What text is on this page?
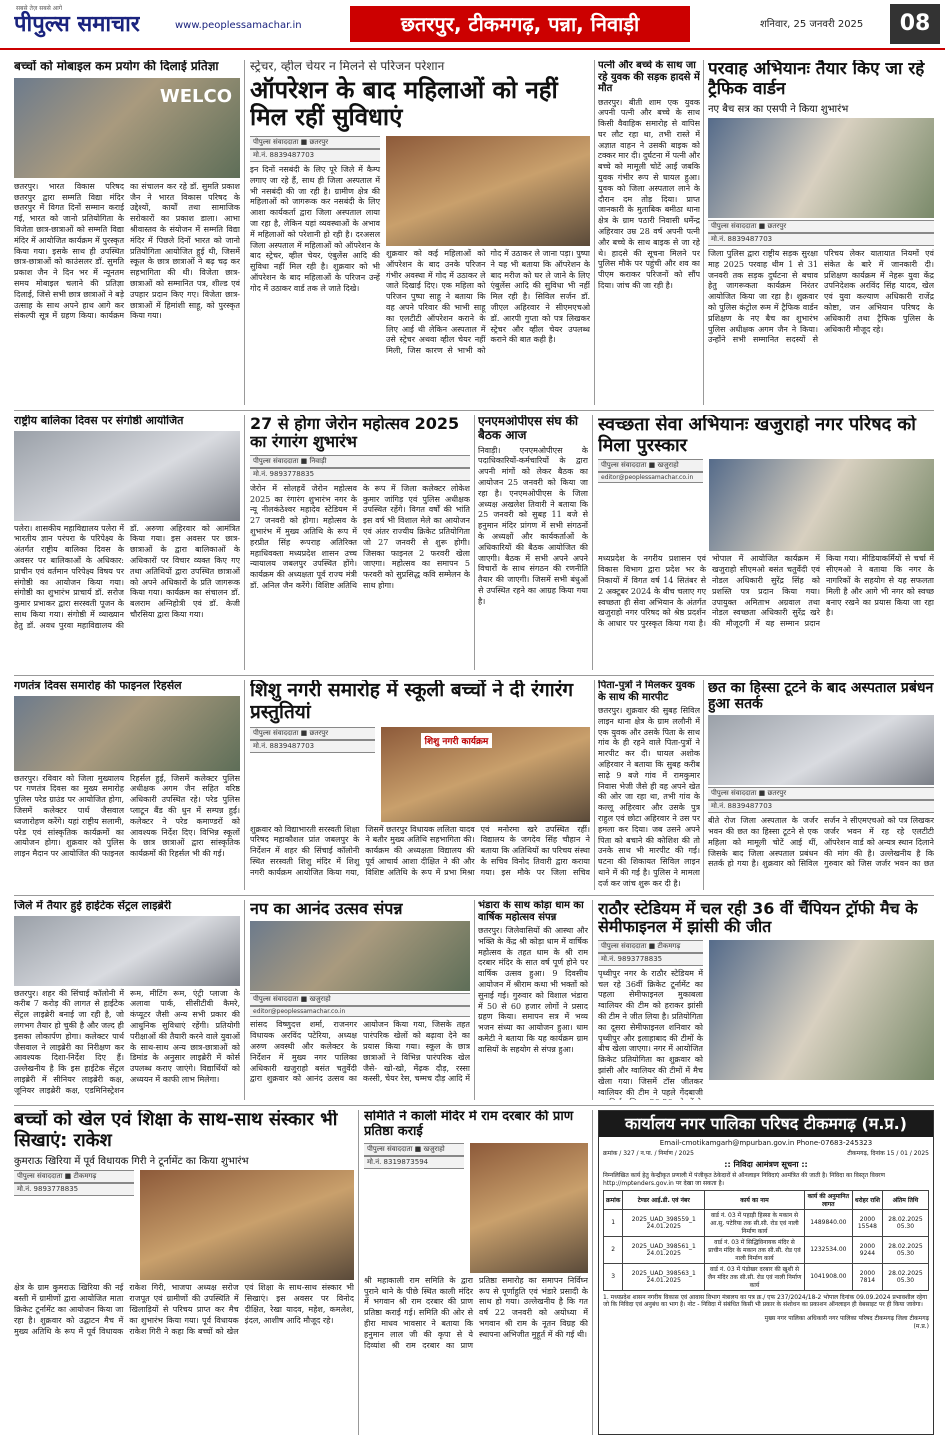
सबसे तेज़ सबसे आगे
पीपुल्स समाचार	www.peoplessamachar.in	छतरपुर, टीकमगढ़, पन्ना, निवाड़ी	शनिवार, 25 जनवरी 2025	08
बच्चों को मोबाइल कम प्रयोग की दिलाई प्रतिज्ञा
WELCO
छतरपुर। भारत विकास परिषद छतरपुर द्वारा सम्मति विद्या मंदिर छतरपुर में विगत दिनों सम्मान कराई गई, भारत को जानो प्रतियोगिता के विजेता छात्र-छात्राओं को सम्मति विद्या मंदिर में आयोजित कार्यक्रम में पुरस्कृत किया गया। इसके साथ ही उपस्थित छात्र-छात्राओं को काउंसलर डॉ. सुमति प्रकाश जैन ने दिन भर में न्यूनतम समय मोबाइल चलाने की प्रतिज्ञा दिलाई, जिसे सभी छात्र छात्राओं ने बड़े उत्साह के साथ अपने हाथ आगे कर संकल्पी सूत्र में ग्रहण किया। कार्यक्रम का संचालन कर रहे डॉ. सुमति प्रकाश जैन ने भारत विकास परिषद के उद्देश्यों, कार्यों तथा सामाजिक सरोकारों का प्रकाश डाला। आभा श्रीवास्तव के संयोजन में सम्मति विद्या मंदिर में पिछले दिनों भारत को जानो प्रतियोगिता आयोजित हुई थी, जिसमें स्कूल के छात्र छात्राओं ने बढ़ चढ़ कर सहभागिता की थी। विजेता छात्र-छात्राओं को सम्मानित पत्र, शील्ड एवं उपहार प्रदान किए गए। विजेता छात्र-छात्राओं में हिमांशी साहू, को पुरस्कृत किया गया।
स्ट्रेचर, व्हील चेयर न मिलने से परिजन परेशान
ऑपरेशन के बाद महिलाओं को नहीं मिल रहीं सुविधाएं
पीपुल्स संवाददाता ■ छतरपुर
मो.नं. 8839487703
इन दिनों नसबंदी के लिए पूरे जिले में कैम्प लगाए जा रहे हैं, साथ ही जिला अस्पताल में भी नसबंदी की जा रही है। ग्रामीण क्षेत्र की महिलाओं को जागरूक कर नसबंदी के लिए आशा कार्यकर्ता द्वारा जिला अस्पताल लाया जा रहा है, लेकिन यहां व्यवस्थाओं के अभाव में महिलाओं को परेशानी हो रही है। दरअसल जिला अस्पताल में महिलाओं को ऑपरेशन के बाद स्ट्रेचर, व्हील चेयर, एंबुलेंस आदि की सुविधा नहीं मिल रही है। शुक्रवार को भी ऑपरेशन के बाद महिलाओं के परिजन उन्हें गोद में उठाकर वार्ड तक ले जाते दिखे।
शुक्रवार को कई महिलाओं को ऑपरेशन के बाद उनके परिजन गंभीर अवस्था में गोद में उठाकर ले जाते दिखाई दिए। एक महिला को परिजन पुष्पा साहू ने बताया कि वह अपने परिवार की भाभी साहू का एलटीटी ऑपरेशन कराने के लिए आई थी लेकिन अस्पताल में उसे स्ट्रेचर अथवा व्हील चेयर नहीं मिली, जिस कारण से भाभी को गोद में उठाकर ले जाना पड़ा। पुष्पा ने यह भी बताया कि ऑपरेशन के बाद मरीज को घर ले जाने के लिए एंबुलेंस आदि की सुविधा भी नहीं मिल रही है। सिविल सर्जन डॉ. जीएल अहिरवार ने सीएमएचओ डॉ. आरपी गुप्ता को पत्र लिखकर स्ट्रेचर और व्हील चेयर उपलब्ध कराने की बात कही है।
पत्नी और बच्चे के साथ जा रहे युवक की सड़क हादसे में मौत
छतरपुर। बीती शाम एक युवक अपनी पत्नी और बच्चे के साथ किसी वैवाहिक समारोह से वापिस घर लौट रहा था, तभी रास्ते में अज्ञात वाहन ने उसकी बाइक को टक्कर मार दी। दुर्घटना में पत्नी और बच्चे को मामूली चोटें आईं जबकि युवक गंभीर रूप से घायल हुआ। युवक को जिला अस्पताल लाने के दौरान दम तोड़ दिया। प्राप्त जानकारी के मुताबिक बमीठा थाना क्षेत्र के ग्राम पठारी निवासी धर्मेन्द्र अहिरवार उम्र 28 वर्ष अपनी पत्नी और बच्चे के साथ बाइक से जा रहे थे। हादसे की सूचना मिलने पर पुलिस मौके पर पहुंची और शव का पीएम कराकर परिजनों को सौंप दिया। जांच की जा रही है।
परवाह अभियानः तैयार किए जा रहे ट्रैफिक वार्डन
नए बैच सत्र का एसपी ने किया शुभारंभ
पीपुल्स संवाददाता ■ छतरपुर
मो.नं. 8839487703
जिला पुलिस द्वारा राष्ट्रीय सड़क सुरक्षा माह 2025 परवाह थीम 1 से 31 जनवरी तक सड़क दुर्घटना से बचाव हेतु जागरूकता कार्यक्रम निरंतर आयोजित किया जा रहा है। शुक्रवार को पुलिस कंट्रोल रूम में ट्रैफिक वार्डन प्रशिक्षण के नए बैच का शुभारंभ पुलिस अधीक्षक अगम जैन ने किया। उन्होंने सभी सम्मानित सदस्यों से परिचय लेकर यातायात नियमों एवं संकेत के बारे में जानकारी दी। प्रशिक्षण कार्यक्रम में नेहरू युवा केंद्र उपनिदेशक अरविंद सिंह यादव, खेल एवं युवा कल्याण अधिकारी राजेंद्र कोष्टा, जन अभियान परिषद के अधिकारी तथा ट्रैफिक पुलिस के अधिकारी मौजूद रहे।
राष्ट्रीय बालिका दिवस पर संगोष्ठी आयोजित
पलेरा। शासकीय महाविद्यालय पलेरा में भारतीय ज्ञान परंपरा के परिपेक्ष्य के अंतर्गत राष्ट्रीय बालिका दिवस के अवसर पर बालिकाओं के अधिकार: प्राचीन एवं वर्तमान परिपेक्ष्य विषय पर संगोष्ठी का आयोजन किया गया। संगोष्ठी का शुभारंभ प्राचार्य डॉ. सरोज कुमार प्रभाकर द्वारा सरस्वती पूजन के साथ किया गया। संगोष्ठी में व्याख्यान हेतु डॉ. अवध पुरवा महाविद्यालय की डॉ. अरुणा अहिरवार को आमंत्रित किया गया। इस अवसर पर छात्र-छात्राओं के द्वारा बालिकाओं के अधिकारों पर विचार व्यक्त किए गए तथा अतिथियों द्वारा उपस्थित छात्राओं को अपने अधिकारों के प्रति जागरूक किया गया। कार्यक्रम का संचालन डॉ. बलराम अग्निहोत्री एवं डॉ. केजी चौरसिया द्वारा किया गया।
27 से होगा जेरोन महोत्सव 2025 का रंगारंग शुभारंभ
पीपुल्स संवाददाता ■ निवाड़ी
मो.नं. 9893778835
जेरोन में सोलहवें जेरोन महोत्सव 2025 का रंगारंग शुभारंभ नगर के न्यू नीलकंठेश्वर महादेव स्टेडियम में 27 जनवरी को होगा। महोत्सव के शुभारंभ में मुख्य अतिथि के रूप में हरप्रीत सिंह रूपराह अतिरिक्त महाधिवक्ता मध्यप्रदेश शासन उच्च न्यायालय जबलपुर उपस्थित होंगे। कार्यक्रम की अध्यक्षता पूर्व राज्य मंत्री डॉ. अनिल जैन करेंगे। विशिष्ट अतिथि के रूप में जिला कलेक्टर लोकेश कुमार जांगिड़ एवं पुलिस अधीक्षक उपस्थित रहेंगे। विगत वर्षों की भांति इस वर्ष भी विशाल मेले का आयोजन एवं अंतर राज्यीय क्रिकेट प्रतियोगिता जो 27 जनवरी से शुरू होगी। जिसका फाइनल 2 फरवरी खेला जाएगा। महोत्सव का समापन 5 फरवरी को सुप्रसिद्ध कवि सम्मेलन के साथ होगा।
एनएमओपीएस संघ की बैठक आज
निवाड़ी। एनएमओपीएस के पदाधिकारियों-कर्मचारियों के द्वारा अपनी मांगों को लेकर बैठक का आयोजन 25 जनवरी को किया जा रहा है। एनएमओपीएस के जिला अध्यक्ष अखलेश तिवारी ने बताया कि 25 जनवरी को सुबह 11 बजे से हनुमान मंदिर प्रांगण में सभी संगठनों के अध्यक्षों और कार्यकर्ताओं के अधिकारियों की बैठक आयोजित की जाएगी। बैठक में सभी अपने अपने विचारों के साथ संगठन की रणनीति तैयार की जाएगी। जिसमें सभी बंधुओं से उपस्थित रहने का आग्रह किया गया है।
स्वच्छता सेवा अभियानः खजुराहो नगर परिषद को मिला पुरस्कार
पीपुल्स संवाददाता ■ खजुराहो
editor@peoplessamachar.co.in
मध्यप्रदेश के नगरीय प्रशासन एवं विकास विभाग द्वारा प्रदेश भर के निकायों में विगत वर्ष 14 सितंबर से 2 अक्टूबर 2024 के बीच चलाए गए स्वच्छता ही सेवा अभियान के अंतर्गत खजुराहो नगर परिषद को श्रेष्ठ प्रदर्शन के आधार पर पुरस्कृत किया गया है। भोपाल में आयोजित कार्यक्रम में खजुराहो सीएमओ बसंत चतुर्वेदी एवं नोडल अधिकारी सुरेंद्र सिंह को प्रशस्ति पत्र प्रदान किया गया। उपायुक्त अमिताभ अग्रवाल तथा नोडल स्वच्छता अधिकारी सुरेंद्र खरे की मौजूदगी में यह सम्मान प्रदान किया गया। मीडियाकर्मियों से चर्चा में सीएमओ ने बताया कि नगर के नागरिकों के सहयोग से यह सफलता मिली है और आगे भी नगर को स्वच्छ बनाए रखने का प्रयास किया जा रहा है।
गणतंत्र दिवस समारोह की फाइनल रिहर्सल
छतरपुर। रविवार को जिला मुख्यालय पर गणतंत्र दिवस का मुख्य समारोह पुलिस परेड ग्राउंड पर आयोजित होगा, जिसमें कलेक्टर पार्थ जैसवाल ध्वजारोहण करेंगे। यहां राष्ट्रीय सलामी, परेड एवं सांस्कृतिक कार्यक्रमों का आयोजन होगा। शुक्रवार को पुलिस लाइन मैदान पर आयोजित की फाइनल रिहर्सल हुई, जिसमें कलेक्टर पुलिस अधीक्षक अगम जैन सहित वरिष्ठ अधिकारी उपस्थित रहे। परेड पुलिस प्लाटून बैंड की धुन में सम्पन्न हुई। कलेक्टर ने परेड कमाण्डरों को आवश्यक निर्देश दिए। विभिन्न स्कूलों के छात्र छात्राओं द्वारा सांस्कृतिक कार्यक्रमों की रिहर्सल भी की गई।
शिशु नगरी समारोह में स्कूली बच्चों ने दी रंगारंग प्रस्तुतियां
पीपुल्स संवाददाता ■ छतरपुर
मो.नं. 8839487703	शिशु नगरी कार्यक्रम
शुक्रवार को विद्याभारती सरस्वती शिक्षा परिषद महाकौशल प्रांत जबलपुर के निर्देशन में शहर की सिंचाई कॉलोनी स्थित सरस्वती शिशु मंदिर में शिशु नगरी कार्यक्रम आयोजित किया गया, जिसमें छतरपुर विधायक ललिता यादव ने बतौर मुख्य अतिथि सहभागिता की। कार्यक्रम की अध्यक्षता विद्यालय की पूर्व आचार्य आशा दीक्षित ने की और विशिष्ट अतिथि के रूप में प्रभा मिश्रा एवं मनोरमा खरे उपस्थित रहीं। विद्यालय के जगदेव सिंह चौहान ने बताया कि अतिथियों का परिचय संस्था के सचिव विनोद तिवारी द्वारा कराया गया। इस मौके पर जिला सचिव
पिता-पुत्रों ने मिलकर युवक के साथ की मारपीट
छतरपुर। शुक्रवार की सुबह सिविल लाइन थाना क्षेत्र के ग्राम ललौनी में एक युवक और उसके पिता के साथ गांव के ही रहने वाले पिता-पुत्रों ने मारपीट कर दी। घायल अशोक अहिरवार ने बताया कि सुबह करीब साढ़े 9 बजे गांव में रामकुमार निवास भेजी जैसे ही वह अपने खेत की ओर जा रहा था, तभी गांव के कल्लू अहिरवार और उसके पुत्र राहुल एवं छोटा अहिरवार ने उस पर हमला कर दिया। जब उसने अपने पिता को बचाने की कोशिश की तो उनके साथ भी मारपीट की गई। घटना की शिकायत सिविल लाइन थाने में की गई है। पुलिस ने मामला दर्ज कर जांच शुरू कर दी है।
छत का हिस्सा टूटने के बाद अस्पताल प्रबंधन हुआ सतर्क
पीपुल्स संवाददाता ■ छतरपुर
मो.नं. 8839487703
बीते रोज जिला अस्पताल के जर्जर भवन की छत का हिस्सा टूटने से एक महिला को मामूली चोटें आई थीं, जिसके बाद जिला अस्पताल प्रबंधन सतर्क हो गया है। शुक्रवार को सिविल सर्जन ने सीएमएचओ को पत्र लिखकर जर्जर भवन में रह रहे एलटीटी ऑपरेशन वार्ड को अन्यत्र स्थान दिलाने की मांग की है। उल्लेखनीय है कि गुरुवार को जिस जर्जर भवन का छत
जिले में तैयार हुई हाईटेक सेंट्रल लाइब्रेरी
छतरपुर। शहर की सिंचाई कॉलोनी में करीब 7 करोड़ की लागत से हाईटेक सेंट्रल लाइब्रेरी बनाई जा रही है, जो लगभग तैयार हो चुकी है और जल्द ही इसका लोकार्पण होगा। कलेक्टर पार्थ जैसवाल ने लाइब्रेरी का निरीक्षण कर आवश्यक दिशा-निर्देश दिए हैं। उल्लेखनीय है कि इस हाईटेक सेंट्रल लाइब्रेरी में सीनियर लाइब्रेरी कक्ष, जूनियर लाइब्रेरी कक्ष, एडमिनिस्ट्रेशन रूम, मीटिंग रूम, एंट्री प्लाजा के अलावा पार्क, सीसीटीवी कैमरे, कंप्यूटर जैसी अन्य सभी प्रकार की आधुनिक सुविधाएं रहेंगी। प्रतियोगी परीक्षाओं की तैयारी करने वाले युवाओं के साथ-साथ अन्य छात्र-छात्राओं को डिमांड के अनुसार लाइब्रेरी में कोर्स उपलब्ध कराए जाएंगे। विद्यार्थियों को अध्ययन में काफी लाभ मिलेगा।
नप का आनंद उत्सव संपन्न
पीपुल्स संवाददाता ■ खजुराहो
editor@peoplessamachar.co.in
सांसद विष्णुदत्त शर्मा, राजनगर विधायक अरविंद पटेरिया, अध्यक्ष अरुण अवस्थी और कलेक्टर के निर्देशन में मुख्य नगर पालिका अधिकारी खजुराहो बसंत चतुर्वेदी द्वारा शुक्रवार को आनंद उत्सव का आयोजन किया गया, जिसके तहत पारंपरिक खेलों को बढ़ावा देने का प्रयास किया गया। स्कूल के छात्र छात्राओं ने विभिन्न पारंपरिक खेल जैसे- खो-खो, मेंढ़क दौड़, रस्सा कस्सी, चेयर रेस, चम्मच दौड़ आदि में
भंडारा के साथ कोड़ा धाम का वार्षिक महोत्सव संपन्न
छतरपुर। जिलेवासियों की आस्था और भक्ति के केंद्र श्री कोड़ा धाम में वार्षिक महोत्सव के तहत धाम के श्री राम दरबार मंदिर के सात वर्ष पूर्ण होने पर वार्षिक उत्सव हुआ। 9 दिवसीय आयोजन में श्रीराम कथा भी भक्तों को सुनाई गई। गुरुवार को विशाल भंडारा में 50 से 60 हजार लोगों ने प्रसाद ग्रहण किया। समापन सत्र में भव्य भजन संध्या का आयोजन हुआ। धाम कमेटी ने बताया कि यह कार्यक्रम ग्राम वासियों के सहयोग से संपन्न हुआ।
राठौर स्टेडियम में चल रही 36 वीं चैंपियन ट्रॉफी मैच के सेमीफाइनल में झांसी की जीत
पीपुल्स संवाददाता ■ टीकमगढ़
मो.नं. 9893778835
पृथ्वीपुर नगर के राठौर स्टेडियम में चल रहे 36वीं क्रिकेट टूर्नामेंट का पहला सेमीफाइनल मुकाबला ग्वालियर की टीम को हराकर झांसी की टीम ने जीत लिया है। प्रतियोगिता का दूसरा सेमीफाइनल शनिवार को पृथ्वीपुर और इलाहाबाद की टीमों के बीच खेला जाएगा। नगर में आयोजित क्रिकेट प्रतियोगिता का शुक्रवार को झांसी और ग्वालियर की टीमों में मैच खेला गया। जिसमें टॉस जीतकर ग्वालियर की टीम ने पहले गेंदबाजी
बच्चों को खेल एवं शिक्षा के साथ-साथ संस्कार भी सिखाएं: राकेश
कुमराऊ खिरिया में पूर्व विधायक गिरी ने टूर्नामेंट का किया शुभारंभ
पीपुल्स संवाददाता ■ टीकमगढ़
मो.नं. 9893778835
क्षेत्र के ग्राम कुमराऊ खिरिया की नई बस्ती में ग्रामीणों द्वारा आयोजित माता क्रिकेट टूर्नामेंट का आयोजन किया जा रहा है। शुक्रवार को उद्घाटन मैच में मुख्य अतिथि के रूप में पूर्व विधायक राकेश गिरी, भाजपा अध्यक्ष सरोज राजपूत एवं ग्रामीणों की उपस्थिति में खिलाड़ियों से परिचय प्राप्त कर मैच का शुभारंभ किया गया। पूर्व विधायक राकेश गिरी ने कहा कि बच्चों को खेल एवं शिक्षा के साथ-साथ संस्कार भी सिखाएं। इस अवसर पर विनोद दीक्षित, रेखा यादव, महेश, कमलेश, इंदल, आशीष आदि मौजूद रहे।
समिति ने काली मंदिर में राम दरबार की प्राण प्रतिष्ठा कराई
पीपुल्स संवाददाता ■ खजुराहो
मो.नं. 8319873594
श्री महाकाली राम समिति के द्वारा पुराने थाने के पीछे स्थित काली मंदिर में भगवान श्री राम दरबार की प्राण प्रतिष्ठा कराई गई। समिति की ओर से हीरा माधव भावसार ने बताया कि हनुमान लाल जी की कृपा से ये दिव्यांश श्री राम दरबार का प्राण प्रतिष्ठा समारोह का समापन निर्विघ्न रूप से पूर्णाहुति एवं भंडारे प्रसादी के साथ हो गया। उल्लेखनीय है कि गत वर्ष 22 जनवरी को अयोध्या में भगवान श्री राम के नूतन विग्रह की स्थापना अभिजीत मुहूर्त में की गई थी।
कार्यालय नगर पालिका परिषद टीकमगढ़ (म.प्र.)
Email-cmotikamgarh@mpurban.gov.in Phone-07683-245323
क्रमांक / 327 / न.पा. / निर्माण / 2025	टीकमगढ़, दिनांक 15 / 01 / 2025
:: निविदा आमंत्रण सूचना ::
निम्नलिखित कार्य हेतु केन्द्रीकृत प्रणाली में पंजीकृत ठेकेदारों से ऑनलाइन निविदाएं आमंत्रित की जाती है। निविदा का विस्तृत विवरण http://mptenders.gov.in पर देखा जा सकता है।
क्रमांक	टेण्डर आई.डी. एवं नंबर	कार्य का नाम	कार्य की अनुमानित लागत	धरोहर राशि	अंतिम तिथि
1	2025_UAD_398559_1 24.01.2025	वार्ड नं. 03 में पहाड़ी हिस्सा के मकान से आ.सु. पटेरिया तक सी.सी. रोड एवं नाली निर्माण कार्य	1489840.00	2000 15548	28.02.2025 05.30
2	2025_UAD_398561_1 24.01.2025	वार्ड नं. 03 में सिद्धिविनायक मंदिर से प्राचीन मंदिर के मकान तक सी.सी. रोड एवं नाली निर्माण कार्य	1232534.00	2000 9244	28.02.2025 05.30
3	2025_UAD_398563_1 24.01.2025	वार्ड नं. 03 में पंडोखर दरबार की खुशी से जैन मंदिर तक सी.सी. रोड एवं नाली निर्माण कार्य	1041908.00	2000 7814	28.02.2025 05.30
1. मध्यप्रदेश शासन नगरीय विकास एवं आवास विभाग मंत्रालय का पत्र क्र./ एफ 237/2024/18-2 भोपाल दिनांक 09.09.2024 प्रभावशील रहेगा जो कि निविदा एवं अनुबंध का भाग है। नोट - निविदा में संबंधित किसी भी प्रकार के संशोधन का प्रकाशन ऑनलाइन ही वेबसाइट पर ही किया जावेगा।
मुख्य नगर पालिका अधिकारी नगर पालिका परिषद टीकमगढ़ जिला टीकमगढ़ (म.प्र.)
